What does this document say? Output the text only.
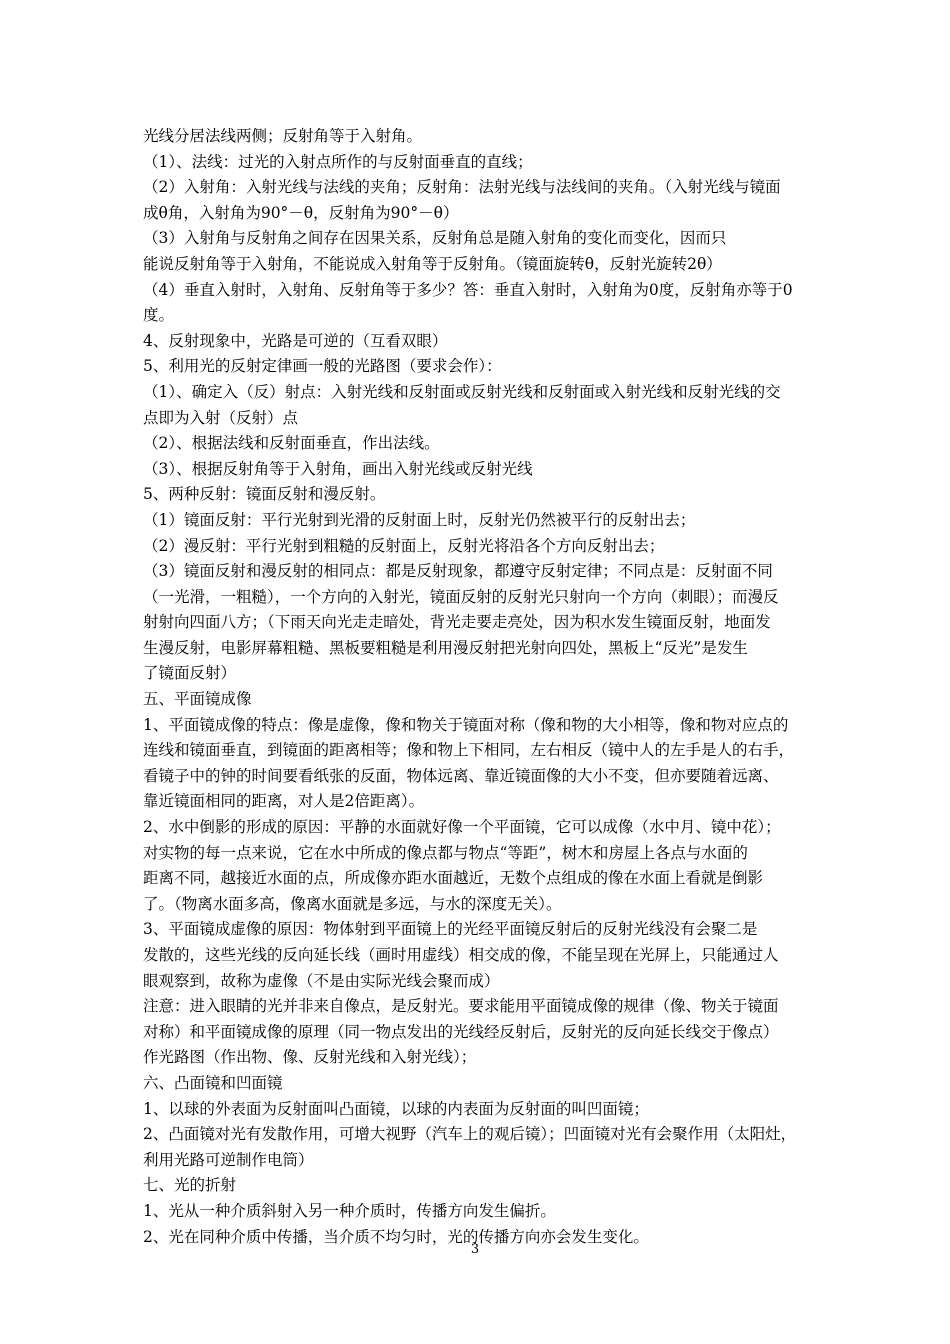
光线分居法线两侧；反射角等于入射角。
（1）、法线：过光的入射点所作的与反射面垂直的直线；
（2）入射角：入射光线与法线的夹角；反射角：法射光线与法线间的夹角。（入射光线与镜面
成θ角，入射角为90°－θ，反射角为90°－θ）
（3）入射角与反射角之间存在因果关系，反射角总是随入射角的变化而变化，因而只
能说反射角等于入射角，不能说成入射角等于反射角。（镜面旋转θ，反射光旋转2θ）
（4）垂直入射时，入射角、反射角等于多少？答：垂直入射时，入射角为0度，反射角亦等于0
度。
4、反射现象中，光路是可逆的（互看双眼）
5、利用光的反射定律画一般的光路图（要求会作）：
（1）、确定入（反）射点：入射光线和反射面或反射光线和反射面或入射光线和反射光线的交
点即为入射（反射）点
（2）、根据法线和反射面垂直，作出法线。
（3）、根据反射角等于入射角，画出入射光线或反射光线
5、两种反射：镜面反射和漫反射。
（1）镜面反射：平行光射到光滑的反射面上时，反射光仍然被平行的反射出去；
（2）漫反射：平行光射到粗糙的反射面上，反射光将沿各个方向反射出去；
（3）镜面反射和漫反射的相同点：都是反射现象，都遵守反射定律；不同点是：反射面不同
（一光滑，一粗糙），一个方向的入射光，镜面反射的反射光只射向一个方向（刺眼）；而漫反
射射向四面八方；（下雨天向光走走暗处，背光走要走亮处，因为积水发生镜面反射，地面发
生漫反射，电影屏幕粗糙、黑板要粗糙是利用漫反射把光射向四处，黑板上“反光”是发生
了镜面反射）
五、平面镜成像
1、平面镜成像的特点：像是虚像，像和物关于镜面对称（像和物的大小相等，像和物对应点的
连线和镜面垂直，到镜面的距离相等；像和物上下相同，左右相反（镜中人的左手是人的右手，
看镜子中的钟的时间要看纸张的反面，物体远离、靠近镜面像的大小不变，但亦要随着远离、
靠近镜面相同的距离，对人是2倍距离）。
2、水中倒影的形成的原因：平静的水面就好像一个平面镜，它可以成像（水中月、镜中花）；
对实物的每一点来说，它在水中所成的像点都与物点“等距”，树木和房屋上各点与水面的
距离不同，越接近水面的点，所成像亦距水面越近，无数个点组成的像在水面上看就是倒影
了。（物离水面多高，像离水面就是多远，与水的深度无关）。
3、平面镜成虚像的原因：物体射到平面镜上的光经平面镜反射后的反射光线没有会聚二是
发散的，这些光线的反向延长线（画时用虚线）相交成的像，不能呈现在光屏上，只能通过人
眼观察到，故称为虚像（不是由实际光线会聚而成）
注意：进入眼睛的光并非来自像点，是反射光。要求能用平面镜成像的规律（像、物关于镜面
对称）和平面镜成像的原理（同一物点发出的光线经反射后，反射光的反向延长线交于像点）
作光路图（作出物、像、反射光线和入射光线）；
六、凸面镜和凹面镜
1、以球的外表面为反射面叫凸面镜，以球的内表面为反射面的叫凹面镜；
2、凸面镜对光有发散作用，可增大视野（汽车上的观后镜）；凹面镜对光有会聚作用（太阳灶，
利用光路可逆制作电筒）
七、光的折射
1、光从一种介质斜射入另一种介质时，传播方向发生偏折。
2、光在同种介质中传播，当介质不均匀时，光的传播方向亦会发生变化。
3
